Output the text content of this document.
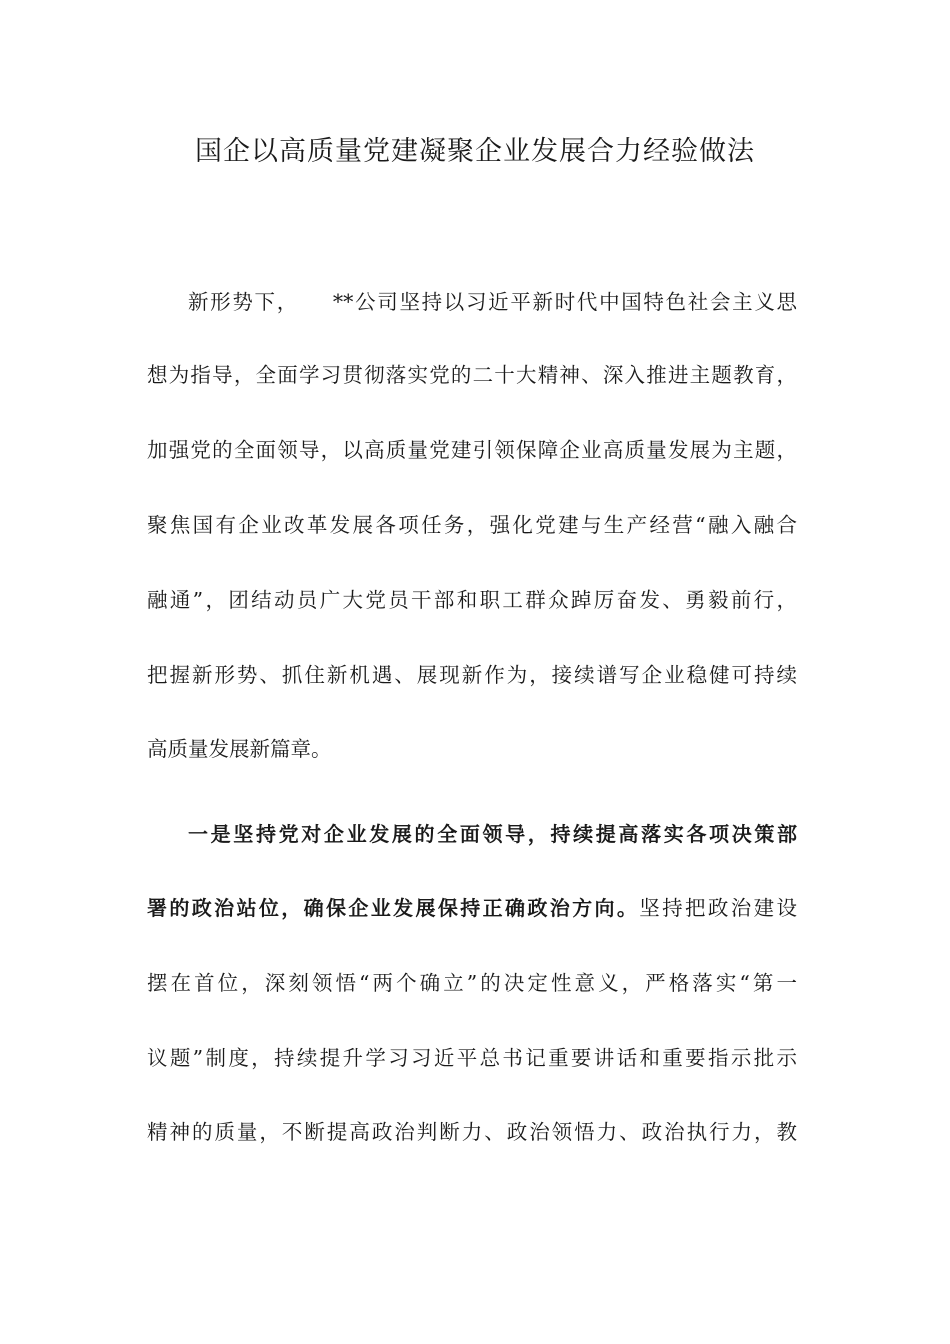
国企以高质量党建凝聚企业发展合力经验做法
新形势下， **公司坚持以习近平新时代中国特色社会主义思
想为指导，全面学习贯彻落实党的二十大精神、深入推进主题教育，
加强党的全面领导，以高质量党建引领保障企业高质量发展为主题，
聚焦国有企业改革发展各项任务，强化党建与生产经营“融入融合
融通”，团结动员广大党员干部和职工群众踔厉奋发、勇毅前行，
把握新形势、抓住新机遇、展现新作为，接续谱写企业稳健可持续
高质量发展新篇章。
一是坚持党对企业发展的全面领导，持续提高落实各项决策部
署的政治站位，确保企业发展保持正确政治方向。坚持把政治建设
摆在首位，深刻领悟“两个确立”的决定性意义，严格落实“第一
议题”制度，持续提升学习习近平总书记重要讲话和重要指示批示
精神的质量，不断提高政治判断力、政治领悟力、政治执行力，教
